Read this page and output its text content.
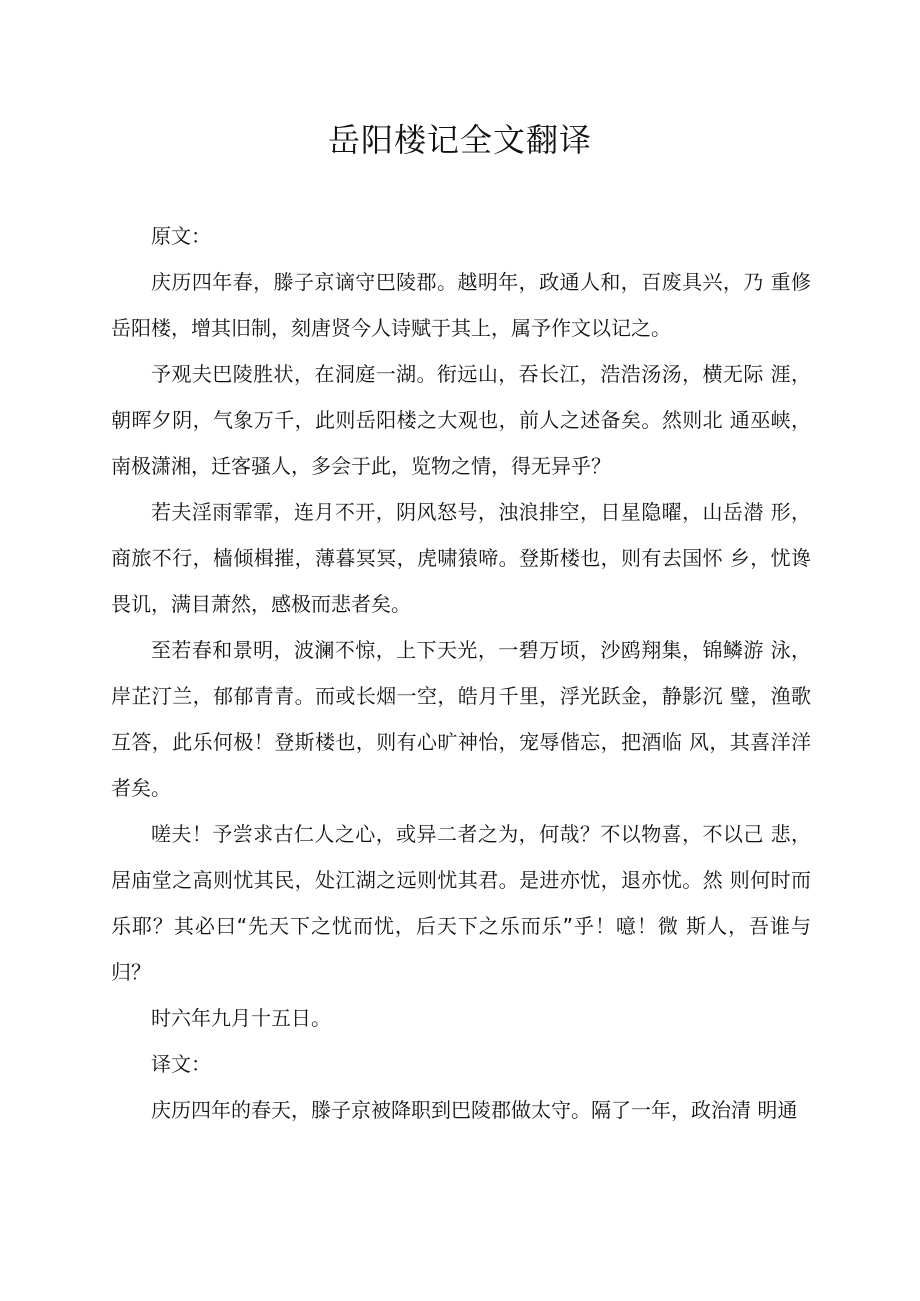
岳阳楼记全文翻译

原文：

庆历四年春，滕子京谪守巴陵郡。越明年，政通人和，百废具兴，乃 重修岳阳楼，增其旧制，刻唐贤今人诗赋于其上，属予作文以记之。

予观夫巴陵胜状，在洞庭一湖。衔远山，吞长江，浩浩汤汤，横无际 涯，朝晖夕阴，气象万千，此则岳阳楼之大观也，前人之述备矣。然则北 通巫峡，南极潇湘，迁客骚人，多会于此，览物之情，得无异乎？

若夫淫雨霏霏，连月不开，阴风怒号，浊浪排空，日星隐曜，山岳潜 形，商旅不行，樯倾楫摧，薄暮冥冥，虎啸猿啼。登斯楼也，则有去国怀 乡，忧谗畏讥，满目萧然，感极而悲者矣。

至若春和景明，波澜不惊，上下天光，一碧万顷，沙鸥翔集，锦鳞游 泳，岸芷汀兰，郁郁青青。而或长烟一空，皓月千里，浮光跃金，静影沉 璧，渔歌互答，此乐何极！登斯楼也，则有心旷神怡，宠辱偕忘，把酒临 风，其喜洋洋者矣。

嗟夫！予尝求古仁人之心，或异二者之为，何哉？不以物喜，不以己 悲，居庙堂之高则忧其民，处江湖之远则忧其君。是进亦忧，退亦忧。然 则何时而乐耶？其必曰“先天下之忧而忧，后天下之乐而乐”乎！噫！微 斯人，吾谁与归？

时六年九月十五日。

译文：

庆历四年的春天，滕子京被降职到巴陵郡做太守。隔了一年，政治清 明通
